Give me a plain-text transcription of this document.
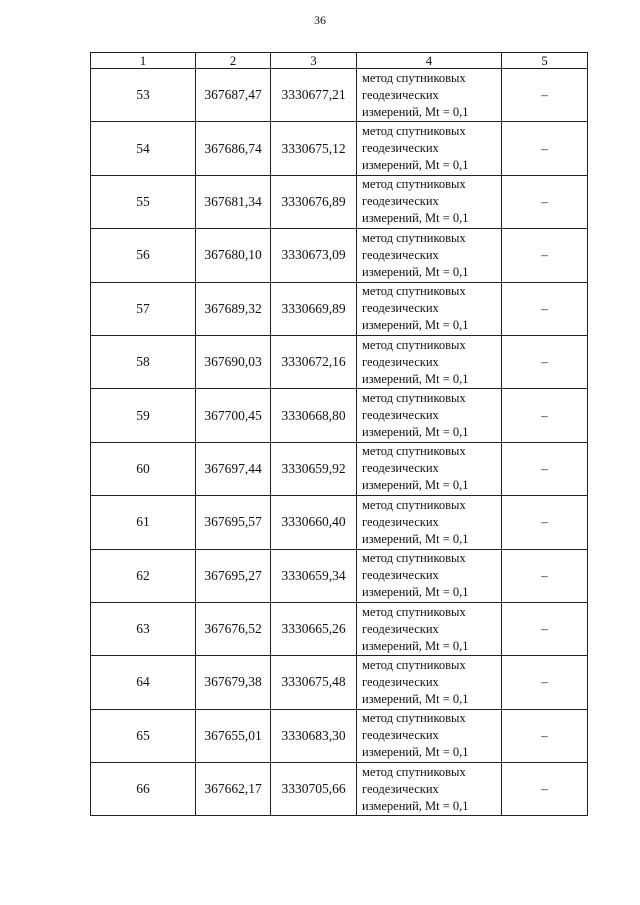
36
1	2	3	4	5
53	367687,47	3330677,21	метод спутниковых
геодезических
измерений, Mt = 0,1	–
54	367686,74	3330675,12	метод спутниковых
геодезических
измерений, Mt = 0,1	–
55	367681,34	3330676,89	метод спутниковых
геодезических
измерений, Mt = 0,1	–
56	367680,10	3330673,09	метод спутниковых
геодезических
измерений, Mt = 0,1	–
57	367689,32	3330669,89	метод спутниковых
геодезических
измерений, Mt = 0,1	–
58	367690,03	3330672,16	метод спутниковых
геодезических
измерений, Mt = 0,1	–
59	367700,45	3330668,80	метод спутниковых
геодезических
измерений, Mt = 0,1	–
60	367697,44	3330659,92	метод спутниковых
геодезических
измерений, Mt = 0,1	–
61	367695,57	3330660,40	метод спутниковых
геодезических
измерений, Mt = 0,1	–
62	367695,27	3330659,34	метод спутниковых
геодезических
измерений, Mt = 0,1	–
63	367676,52	3330665,26	метод спутниковых
геодезических
измерений, Mt = 0,1	–
64	367679,38	3330675,48	метод спутниковых
геодезических
измерений, Mt = 0,1	–
65	367655,01	3330683,30	метод спутниковых
геодезических
измерений, Mt = 0,1	–
66	367662,17	3330705,66	метод спутниковых
геодезических
измерений, Mt = 0,1	–
